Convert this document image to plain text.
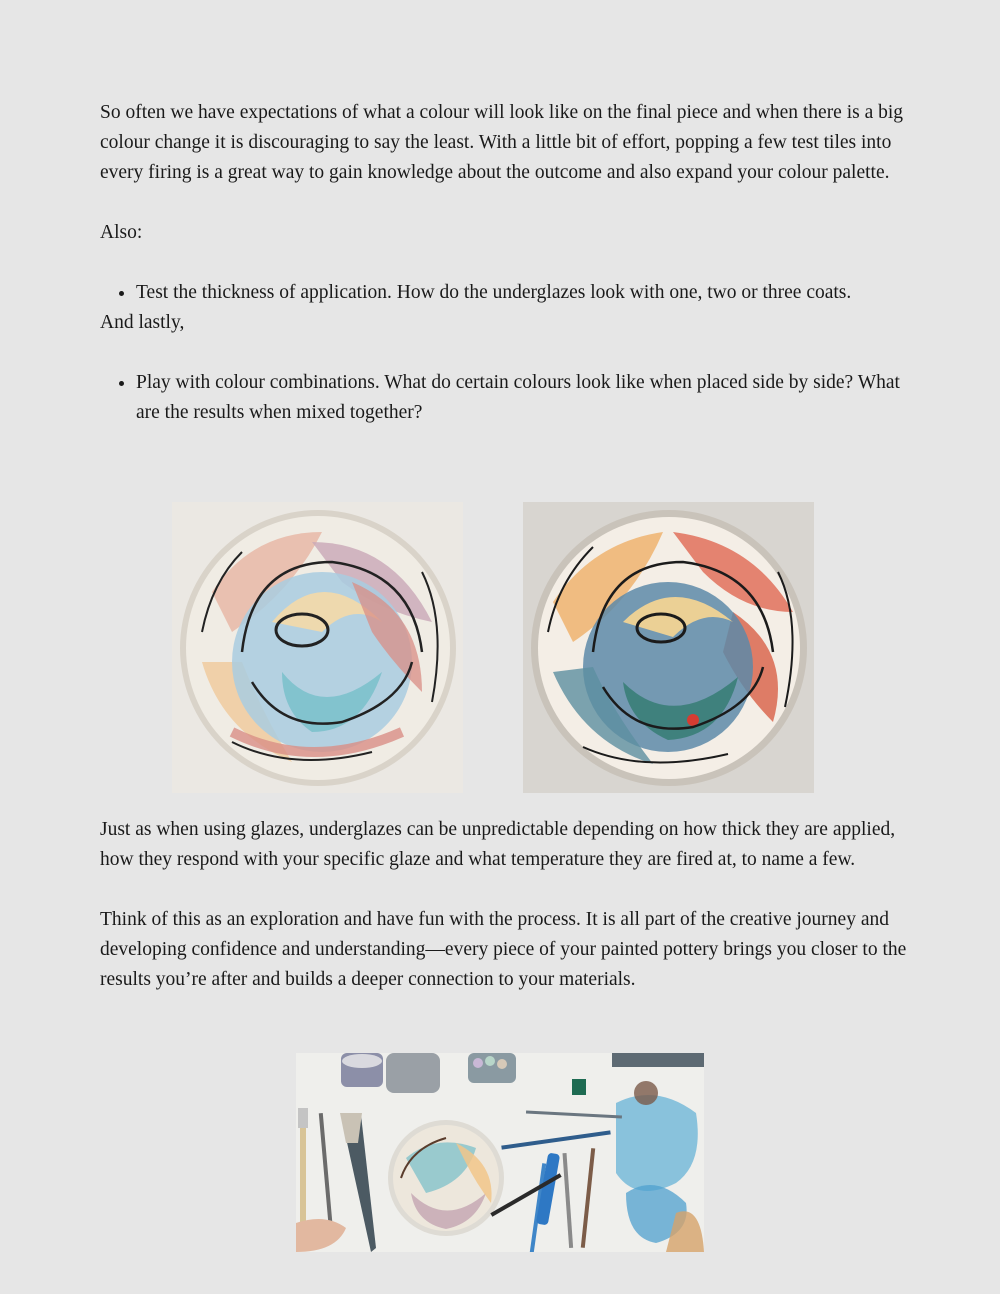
So often we have expectations of what a colour will look like on the final piece and when there is a big colour change it is discouraging to say the least. With a little bit of effort, popping a few test tiles into every firing is a great way to gain knowledge about the outcome and also expand your colour palette.

Also:

• Test the thickness of application. How do the underglazes look with one, two or three coats.

And lastly,

• Play with colour combinations. What do certain colours look like when placed side by side? What are the results when mixed together?

Just as when using glazes, underglazes can be unpredictable depending on how thick they are applied, how they respond with your specific glaze and what temperature they are fired at, to name a few.

Think of this as an exploration and have fun with the process. It is all part of the creative journey and developing confidence and understanding—every piece of your painted pottery brings you closer to the results you’re after and builds a deeper connection to your materials.
